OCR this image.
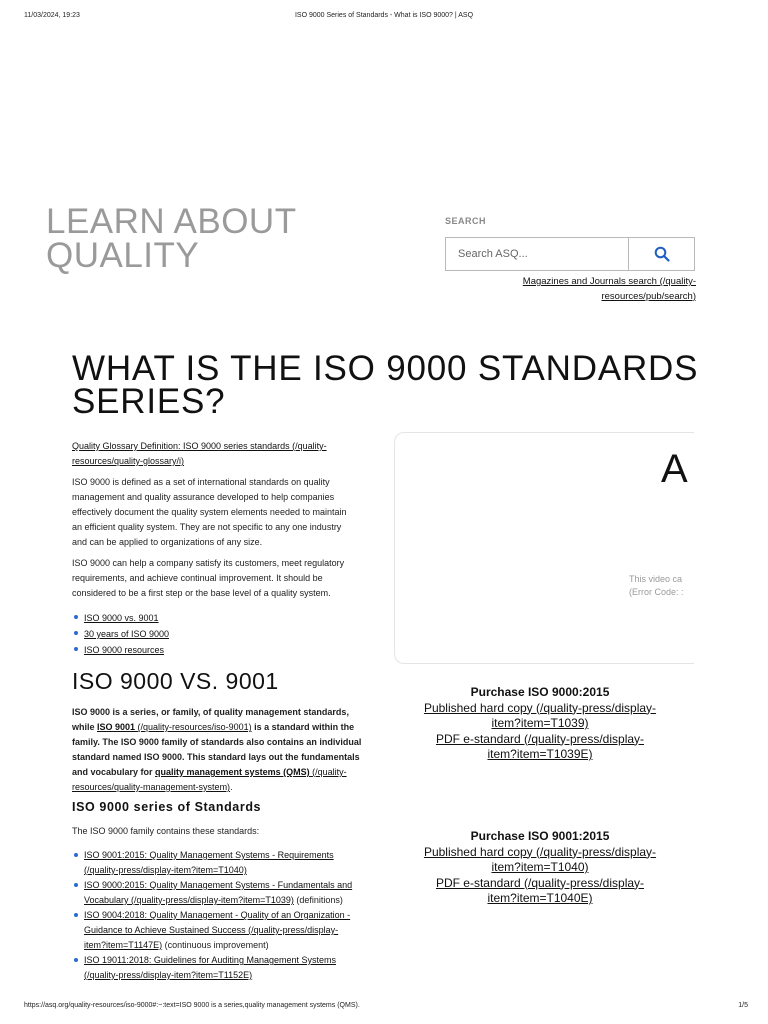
11/03/2024, 19:23	ISO 9000 Series of Standards - What is ISO 9000? | ASQ
https://asq.org/quality-resources/iso-9000#:~:text=ISO 9000 is a series,quality management systems (QMS).	1/5
LEARN ABOUT
QUALITY
SEARCH
Search ASQ...
Magazines and Journals search (/quality-
resources/pub/search)
WHAT IS THE ISO 9000 STANDARDS
SERIES?

Quality Glossary Definition: ISO 9000 series standards (/quality-
resources/quality-glossary/i)

ISO 9000 is defined as a set of international standards on quality
management and quality assurance developed to help companies
effectively document the quality system elements needed to maintain
an efficient quality system. They are not specific to any one industry
and can be applied to organizations of any size.

ISO 9000 can help a company satisfy its customers, meet regulatory
requirements, and achieve continual improvement. It should be
considered to be a first step or the base level of a quality system.

ISO 9000 vs. 9001
30 years of ISO 9000
ISO 9000 resources
A
This video ca
(Error Code: :
ISO 9000 VS. 9001
ISO 9000 is a series, or family, of quality management standards,
while ISO 9001 (/quality-resources/iso-9001) is a standard within the
family. The ISO 9000 family of standards also contains an individual
standard named ISO 9000. This standard lays out the fundamentals
and vocabulary for quality management systems (QMS) (/quality-
resources/quality-management-system).
ISO 9000 series of Standards
The ISO 9000 family contains these standards:
ISO 9001:2015: Quality Management Systems - Requirements
(/quality-press/display-item?item=T1040)
ISO 9000:2015: Quality Management Systems - Fundamentals and
Vocabulary (/quality-press/display-item?item=T1039) (definitions)
ISO 9004:2018: Quality Management - Quality of an Organization -
Guidance to Achieve Sustained Success (/quality-press/display-
item?item=T1147E) (continuous improvement)
ISO 19011:2018: Guidelines for Auditing Management Systems
(/quality-press/display-item?item=T1152E)
Purchase ISO 9000:2015
Published hard copy (/quality-press/display-
item?item=T1039)
PDF e-standard (/quality-press/display-
item?item=T1039E)
Purchase ISO 9001:2015
Published hard copy (/quality-press/display-
item?item=T1040)
PDF e-standard (/quality-press/display-
item?item=T1040E)
